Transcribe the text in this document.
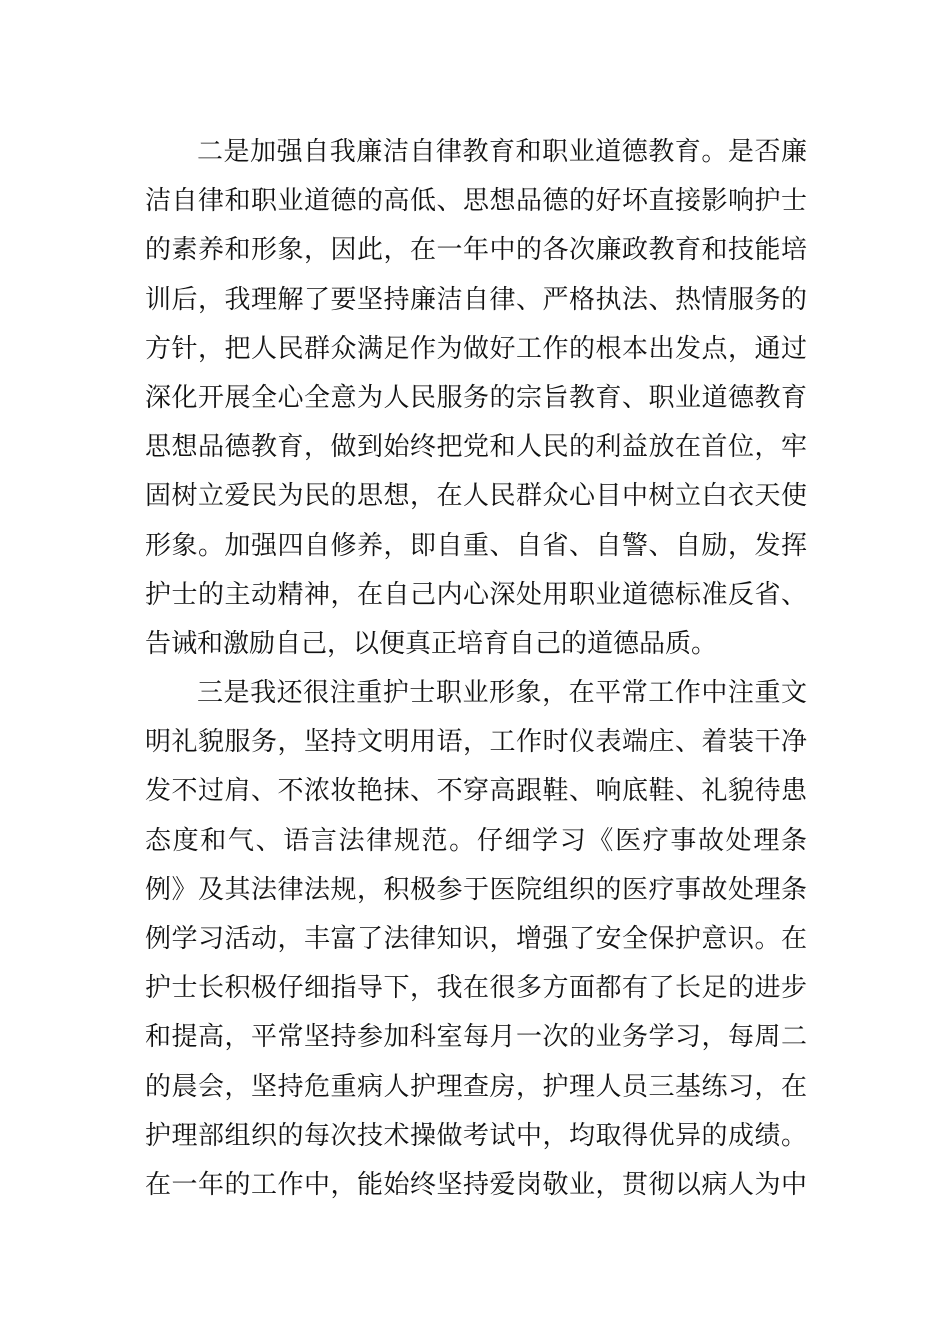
二是加强自我廉洁自律教育和职业道德教育。是否廉
洁自律和职业道德的高低、思想品德的好坏直接影响护士
的素养和形象，因此，在一年中的各次廉政教育和技能培
训后，我理解了要坚持廉洁自律、严格执法、热情服务的
方针，把人民群众满足作为做好工作的根本出发点，通过
深化开展全心全意为人民服务的宗旨教育、职业道德教育
思想品德教育，做到始终把党和人民的利益放在首位，牢
固树立爱民为民的思想，在人民群众心目中树立白衣天使
形象。加强四自修养，即自重、自省、自警、自励，发挥
护士的主动精神，在自己内心深处用职业道德标准反省、
告诫和激励自己，以便真正培育自己的道德品质。
三是我还很注重护士职业形象，在平常工作中注重文
明礼貌服务，坚持文明用语，工作时仪表端庄、着装干净
发不过肩、不浓妆艳抹、不穿高跟鞋、响底鞋、礼貌待患
态度和气、语言法律规范。仔细学习《医疗事故处理条
例》及其法律法规，积极参于医院组织的医疗事故处理条
例学习活动，丰富了法律知识，增强了安全保护意识。在
护士长积极仔细指导下，我在很多方面都有了长足的进步
和提高，平常坚持参加科室每月一次的业务学习，每周二
的晨会，坚持危重病人护理查房，护理人员三基练习，在
护理部组织的每次技术操做考试中，均取得优异的成绩。
在一年的工作中，能始终坚持爱岗敬业，贯彻以病人为中
